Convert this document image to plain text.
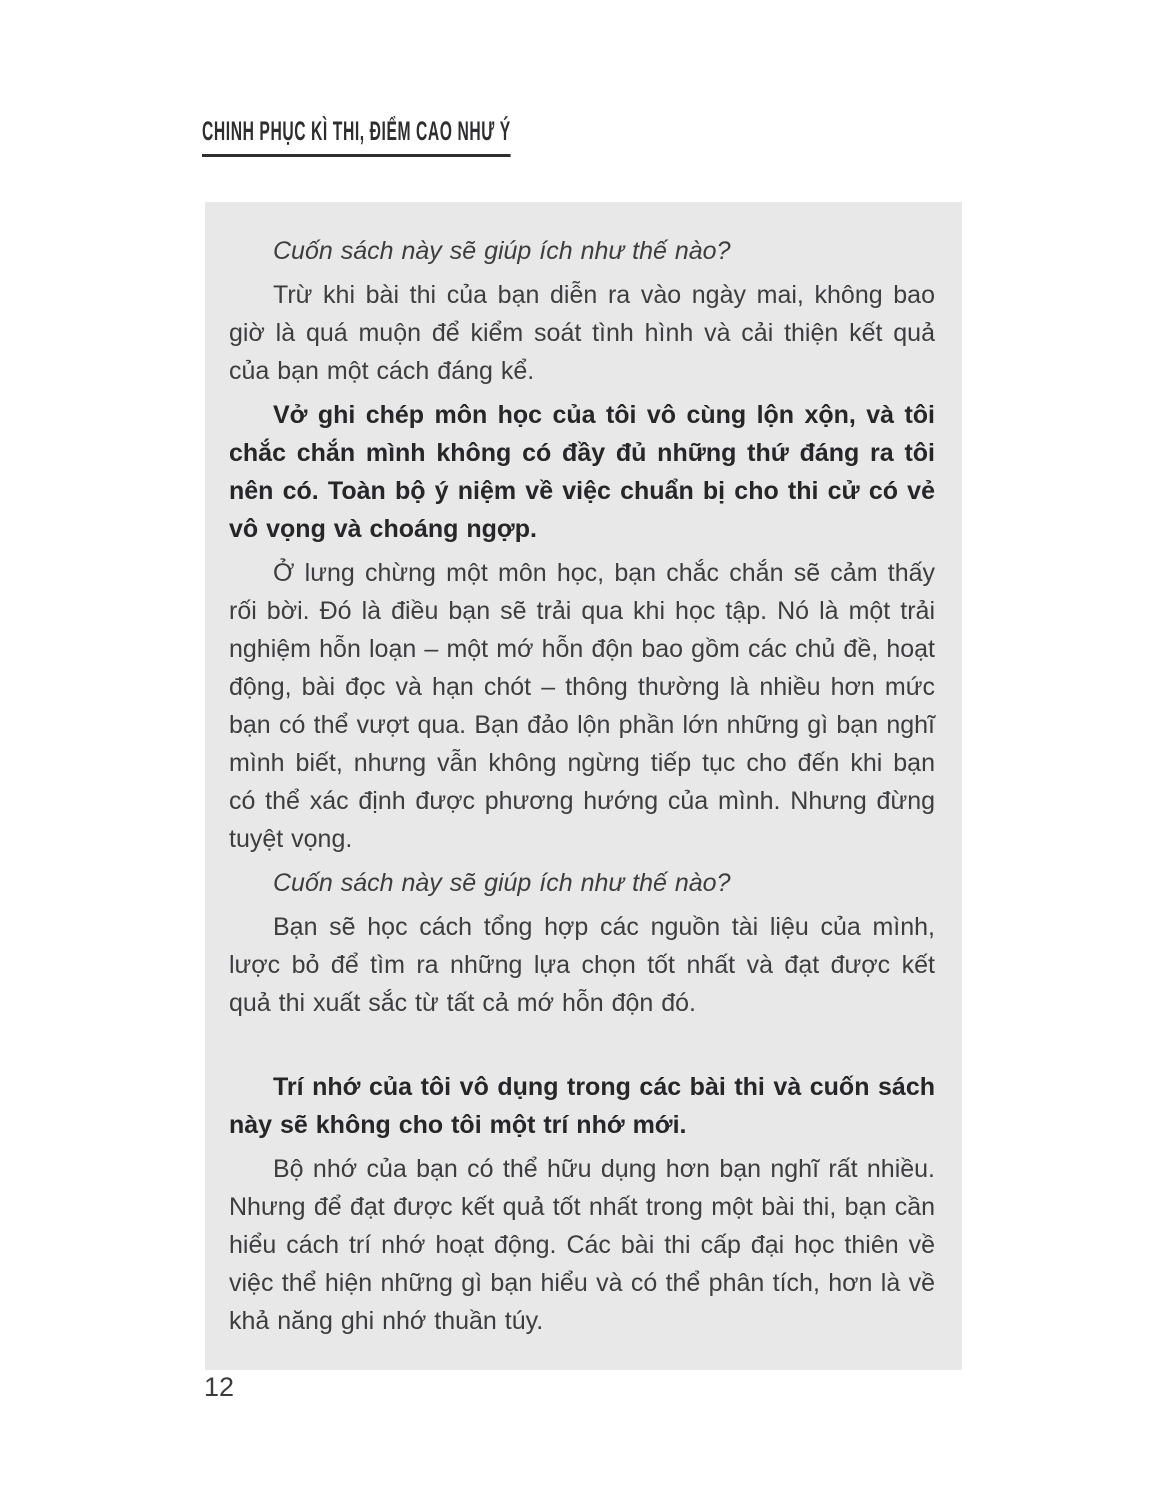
CHINH PHỤC KÌ THI, ĐIỂM CAO NHƯ Ý

Cuốn sách này sẽ giúp ích như thế nào?

Trừ khi bài thi của bạn diễn ra vào ngày mai, không bao giờ là quá muộn để kiểm soát tình hình và cải thiện kết quả của bạn một cách đáng kể.

Vở ghi chép môn học của tôi vô cùng lộn xộn, và tôi chắc chắn mình không có đầy đủ những thứ đáng ra tôi nên có. Toàn bộ ý niệm về việc chuẩn bị cho thi cử có vẻ vô vọng và choáng ngợp.

Ở lưng chừng một môn học, bạn chắc chắn sẽ cảm thấy rối bời. Đó là điều bạn sẽ trải qua khi học tập. Nó là một trải nghiệm hỗn loạn – một mớ hỗn độn bao gồm các chủ đề, hoạt động, bài đọc và hạn chót – thông thường là nhiều hơn mức bạn có thể vượt qua. Bạn đảo lộn phần lớn những gì bạn nghĩ mình biết, nhưng vẫn không ngừng tiếp tục cho đến khi bạn có thể xác định được phương hướng của mình. Nhưng đừng tuyệt vọng.

Cuốn sách này sẽ giúp ích như thế nào?

Bạn sẽ học cách tổng hợp các nguồn tài liệu của mình, lược bỏ để tìm ra những lựa chọn tốt nhất và đạt được kết quả thi xuất sắc từ tất cả mớ hỗn độn đó.

Trí nhớ của tôi vô dụng trong các bài thi và cuốn sách này sẽ không cho tôi một trí nhớ mới.

Bộ nhớ của bạn có thể hữu dụng hơn bạn nghĩ rất nhiều. Nhưng để đạt được kết quả tốt nhất trong một bài thi, bạn cần hiểu cách trí nhớ hoạt động. Các bài thi cấp đại học thiên về việc thể hiện những gì bạn hiểu và có thể phân tích, hơn là về khả năng ghi nhớ thuần túy.

12
